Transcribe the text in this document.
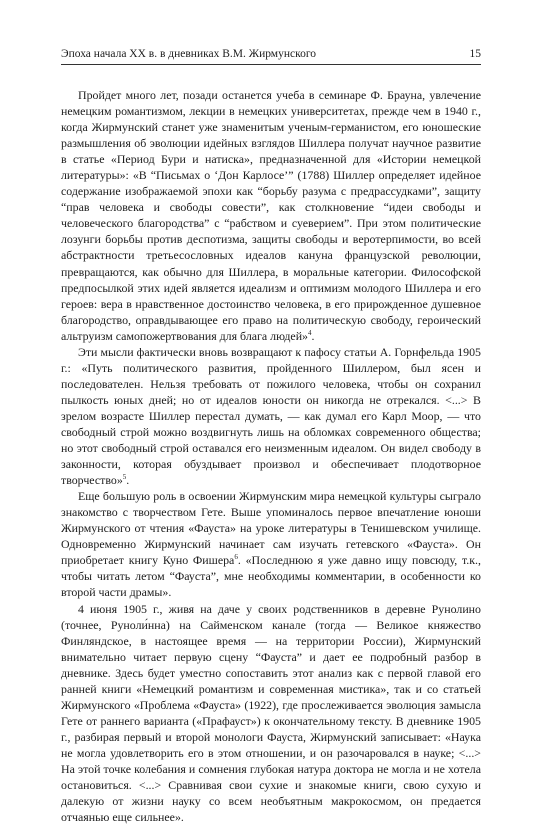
Эпоха начала XX в. в дневниках В.М. Жирмунского	15

Пройдет много лет, позади останется учеба в семинаре Ф. Брауна, увлечение немецким романтизмом, лекции в немецких университетах, прежде чем в 1940 г., когда Жирмунский станет уже знаменитым ученым-германистом, его юношеские размышления об эволюции идейных взглядов Шиллера получат научное развитие в статье «Период Бури и натиска», предназначенной для «Истории немецкой литературы»: «В “Письмах о ‘Дон Карлосе’” (1788) Шиллер определяет идейное содержание изображаемой эпохи как “борьбу разума с предрассудками”, защиту “прав человека и свободы совести”, как столкновение “идеи свободы и человеческого благородства” с “рабством и суеверием”. При этом политические лозунги борьбы против деспотизма, защиты свободы и веротерпимости, во всей абстрактности третьесословных идеалов кануна французской революции, превращаются, как обычно для Шиллера, в моральные категории. Философской предпосылкой этих идей является идеализм и оптимизм молодого Шиллера и его героев: вера в нравственное достоинство человека, в его прирожденное душевное благородство, оправдывающее его право на политическую свободу, героический альтруизм самопожертвования для блага людей»$^4$.

Эти мысли фактически вновь возвращают к пафосу статьи А. Горнфельда 1905 г.: «Путь политического развития, пройденного Шиллером, был ясен и последователен. Нельзя требовать от пожилого человека, чтобы он сохранил пылкость юных дней; но от идеалов юности он никогда не отрекался. <...> В зрелом возрасте Шиллер перестал думать, — как думал его Карл Моор, — что свободный строй можно воздвигнуть лишь на обломках современного общества; но этот свободный строй оставался его неизменным идеалом. Он видел свободу в законности, которая обуздывает произвол и обеспечивает плодотворное творчество»$^5$.

Еще большую роль в освоении Жирмунским мира немецкой культуры сыграло знакомство с творчеством Гете. Выше упоминалось первое впечатление юноши Жирмунского от чтения «Фауста» на уроке литературы в Тенишевском училище. Одновременно Жирмунский начинает сам изучать гетевского «Фауста». Он приобретает книгу Куно Фишера$^6$. «Последнюю я уже давно ищу повсюду, т.к., чтобы читать летом “Фауста”, мне необходимы комментарии, в особенности ко второй части драмы».

4 июня 1905 г., живя на даче у своих родственников в деревне Рунолино (точнее, Руноли́нна) на Сайменском канале (тогда — Великое княжество Финляндское, в настоящее время — на территории России), Жирмунский внимательно читает первую сцену “Фауста” и дает ее подробный разбор в дневнике. Здесь будет уместно сопоставить этот анализ как с первой главой его ранней книги «Немецкий романтизм и современная мистика», так и со статьей Жирмунского «Проблема «Фауста» (1922), где прослеживается эволюция замысла Гете от раннего варианта («Прафауст») к окончательному тексту. В дневнике 1905 г., разбирая первый и второй монологи Фауста, Жирмунский записывает: «Наука не могла удовлетворить его в этом отношении, и он разочаровался в науке; <...> На этой точке колебания и сомнения глубокая натура доктора не могла и не хотела остановиться. <...> Сравнивая свои сухие и знакомые книги, свою сухую и далекую от жизни науку со всем необъятным макрокосмом, он предается отчаянью еще сильнее».
